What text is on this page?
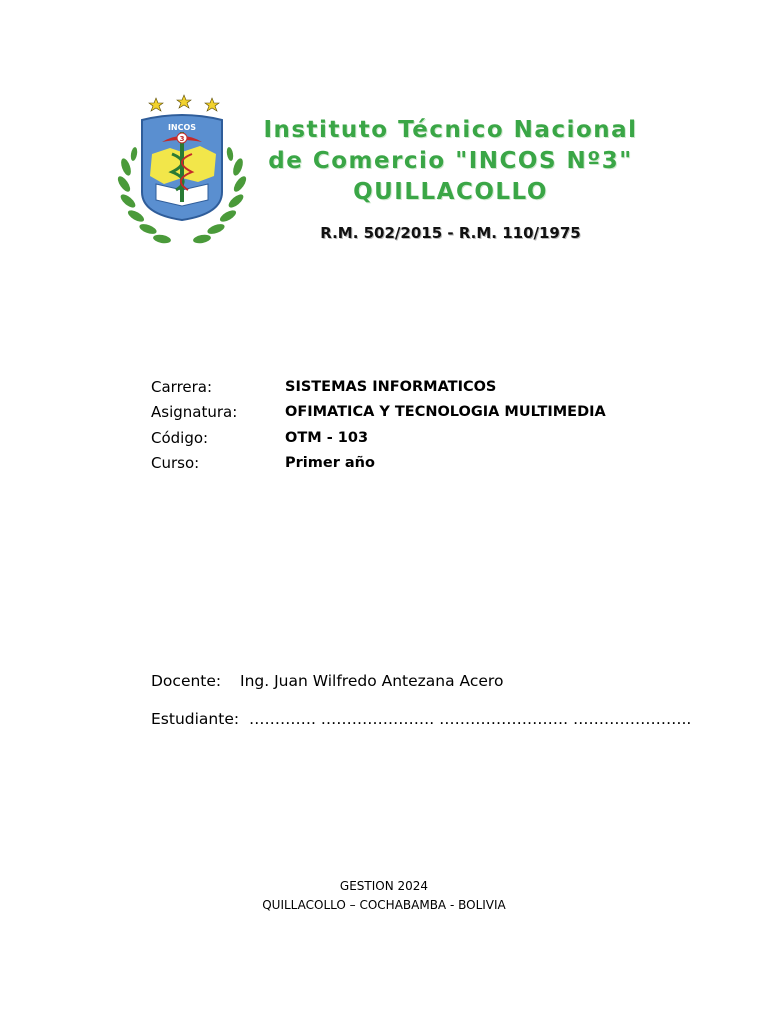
INCOS
3	Instituto Técnico Nacional
de Comercio "INCOS Nº3"
QUILLACOLLO
R.M. 502/2015 - R.M. 110/1975
Carrera:	SISTEMAS INFORMATICOS
Asignatura:	OFIMATICA Y TECNOLOGIA MULTIMEDIA
Código:	OTM - 103
Curso:	Primer año
Docente: Ing. Juan Wilfredo Antezana Acero
Estudiante: …………. …………………. ……………………. …………………..
GESTION 2024
QUILLACOLLO – COCHABAMBA - BOLIVIA
